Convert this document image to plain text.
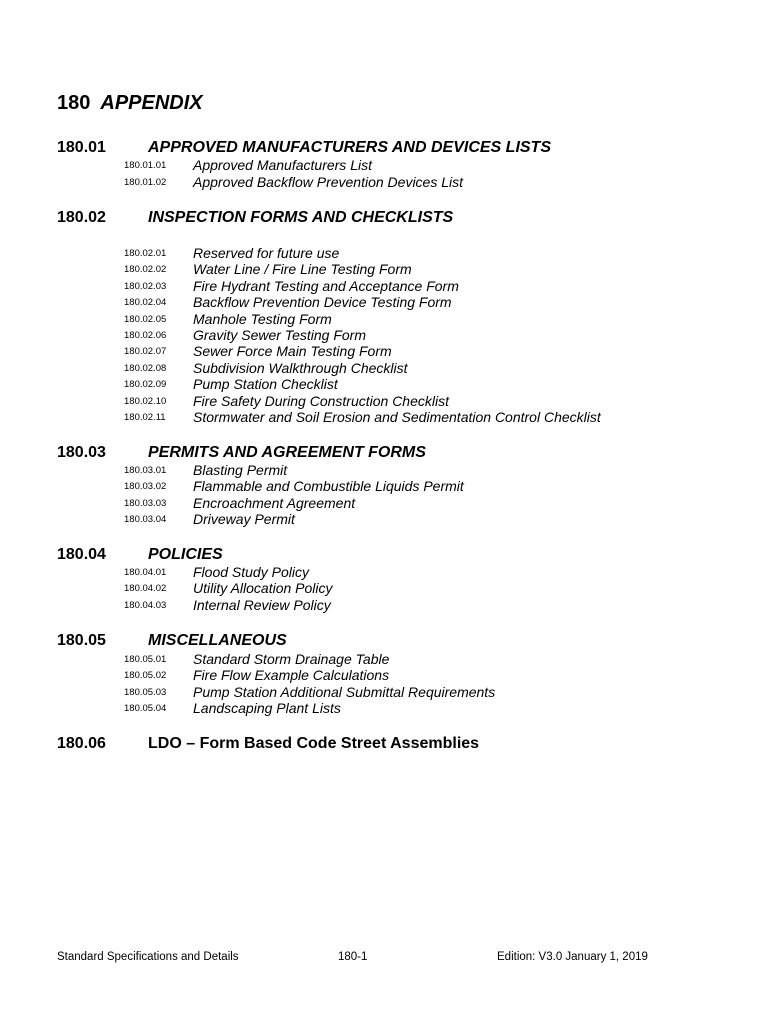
180 APPENDIX
180.01	APPROVED MANUFACTURERS AND DEVICES LISTS
180.01.01 Approved Manufacturers List
180.01.02 Approved Backflow Prevention Devices List
180.02	INSPECTION FORMS AND CHECKLISTS
180.02.01 Reserved for future use
180.02.02 Water Line / Fire Line Testing Form
180.02.03 Fire Hydrant Testing and Acceptance Form
180.02.04 Backflow Prevention Device Testing Form
180.02.05 Manhole Testing Form
180.02.06 Gravity Sewer Testing Form
180.02.07 Sewer Force Main Testing Form
180.02.08 Subdivision Walkthrough Checklist
180.02.09 Pump Station Checklist
180.02.10 Fire Safety During Construction Checklist
180.02.11 Stormwater and Soil Erosion and Sedimentation Control Checklist
180.03	PERMITS AND AGREEMENT FORMS
180.03.01 Blasting Permit
180.03.02 Flammable and Combustible Liquids Permit
180.03.03 Encroachment Agreement
180.03.04 Driveway Permit
180.04	POLICIES
180.04.01 Flood Study Policy
180.04.02 Utility Allocation Policy
180.04.03 Internal Review Policy
180.05	MISCELLANEOUS
180.05.01 Standard Storm Drainage Table
180.05.02 Fire Flow Example Calculations
180.05.03 Pump Station Additional Submittal Requirements
180.05.04 Landscaping Plant Lists
180.06	LDO – Form Based Code Street Assemblies
Standard Specifications and Details	180-1	Edition: V3.0 January 1, 2019
